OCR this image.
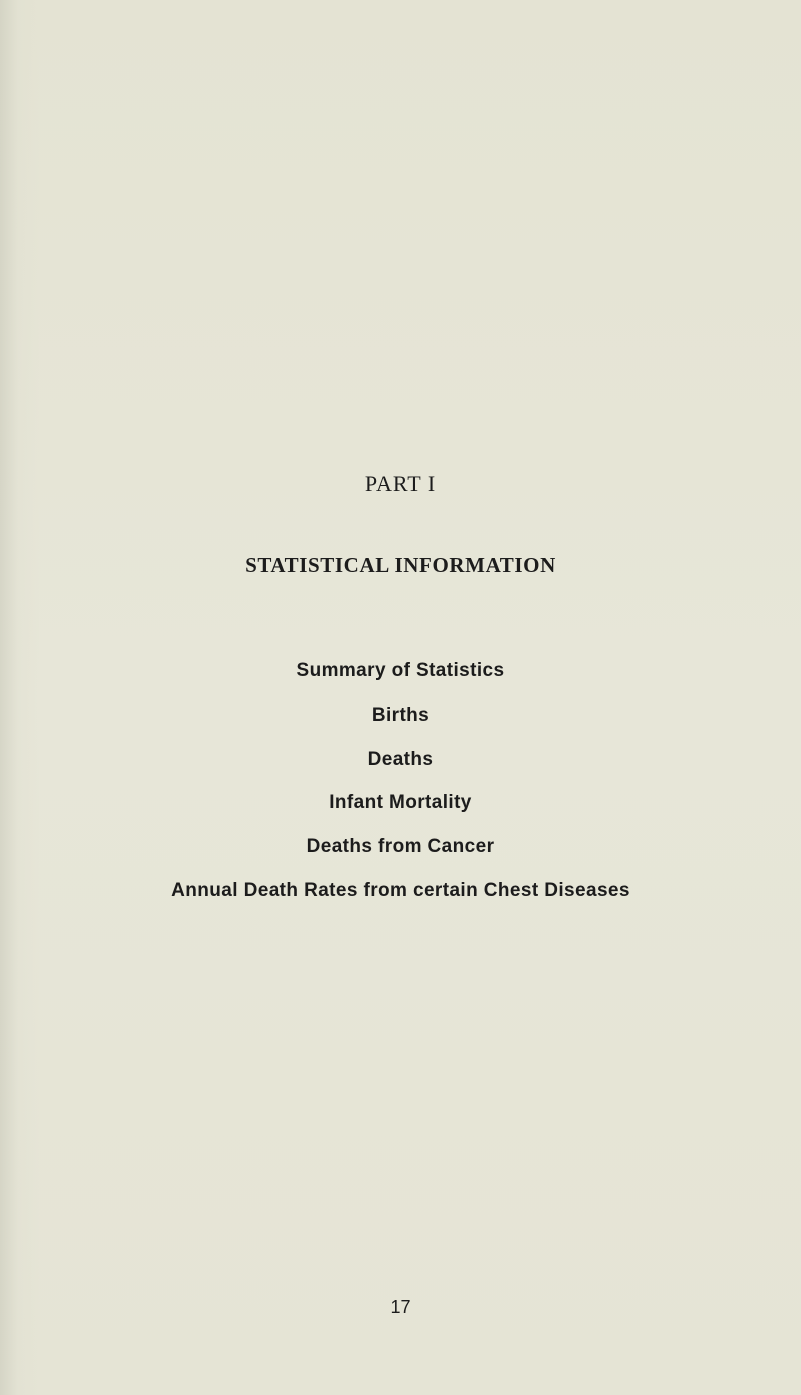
PART I
STATISTICAL INFORMATION
Summary of Statistics
Births
Deaths
Infant Mortality
Deaths from Cancer
Annual Death Rates from certain Chest Diseases
17
